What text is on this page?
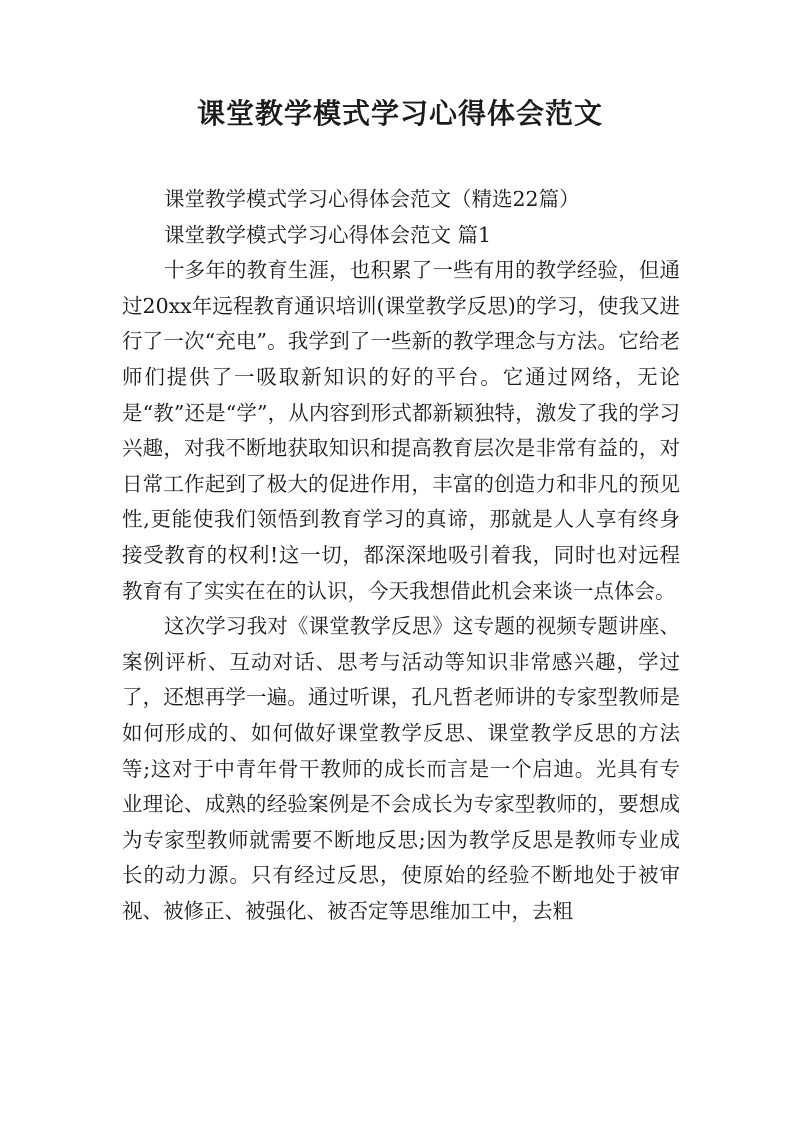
课堂教学模式学习心得体会范文

课堂教学模式学习心得体会范文（精选22篇）

课堂教学模式学习心得体会范文 篇1

十多年的教育生涯，也积累了一些有用的教学经验，但通过20xx年远程教育通识培训(课堂教学反思)的学习，使我又进行了一次“充电”。我学到了一些新的教学理念与方法。它给老师们提供了一吸取新知识的好的平台。它通过网络，无论是“教”还是“学”，从内容到形式都新颖独特，激发了我的学习兴趣，对我不断地获取知识和提高教育层次是非常有益的，对日常工作起到了极大的促进作用，丰富的创造力和非凡的预见性,更能使我们领悟到教育学习的真谛，那就是人人享有终身接受教育的权利!这一切，都深深地吸引着我，同时也对远程教育有了实实在在的认识，今天我想借此机会来谈一点体会。

这次学习我对《课堂教学反思》这专题的视频专题讲座、案例评析、互动对话、思考与活动等知识非常感兴趣，学过了，还想再学一遍。通过听课，孔凡哲老师讲的专家型教师是如何形成的、如何做好课堂教学反思、课堂教学反思的方法等;这对于中青年骨干教师的成长而言是一个启迪。光具有专业理论、成熟的经验案例是不会成长为专家型教师的，要想成为专家型教师就需要不断地反思;因为教学反思是教师专业成长的动力源。只有经过反思，使原始的经验不断地处于被审视、被修正、被强化、被否定等思维加工中，去粗
